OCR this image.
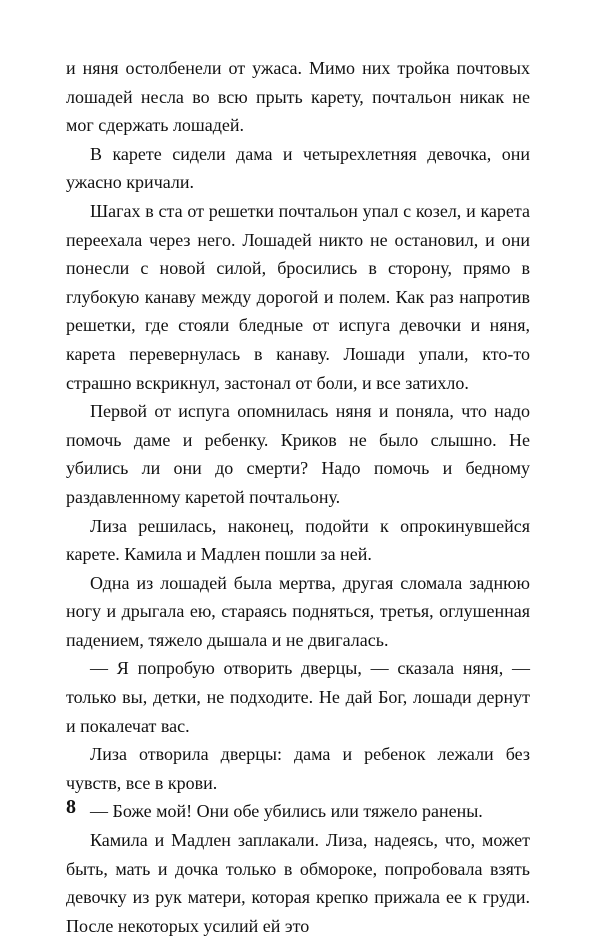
и няня остолбенели от ужаса. Мимо них тройка почтовых лошадей несла во всю прыть карету, почтальон никак не мог сдержать лошадей.

В карете сидели дама и четырехлетняя девочка, они ужасно кричали.

Шагах в ста от решетки почтальон упал с козел, и карета переехала через него. Лошадей никто не остановил, и они понесли с новой силой, бросились в сторону, прямо в глубокую канаву между дорогой и полем. Как раз напротив решетки, где стояли бледные от испуга девочки и няня, карета перевернулась в канаву. Лошади упали, кто-то страшно вскрикнул, застонал от боли, и все затихло.

Первой от испуга опомнилась няня и поняла, что надо помочь даме и ребенку. Криков не было слышно. Не убились ли они до смерти? Надо помочь и бедному раздавленному каретой почтальону.

Лиза решилась, наконец, подойти к опрокинувшейся карете. Камила и Мадлен пошли за ней.

Одна из лошадей была мертва, другая сломала заднюю ногу и дрыгала ею, стараясь подняться, третья, оглушенная падением, тяжело дышала и не двигалась.

— Я попробую отворить дверцы, — сказала няня, — только вы, детки, не подходите. Не дай Бог, лошади дернут и покалечат вас.

Лиза отворила дверцы: дама и ребенок лежали без чувств, все в крови.

— Боже мой! Они обе убились или тяжело ранены.

Камила и Мадлен заплакали. Лиза, надеясь, что, может быть, мать и дочка только в обмороке, попробовала взять девочку из рук матери, которая крепко прижала ее к груди. После некоторых усилий ей это

8
